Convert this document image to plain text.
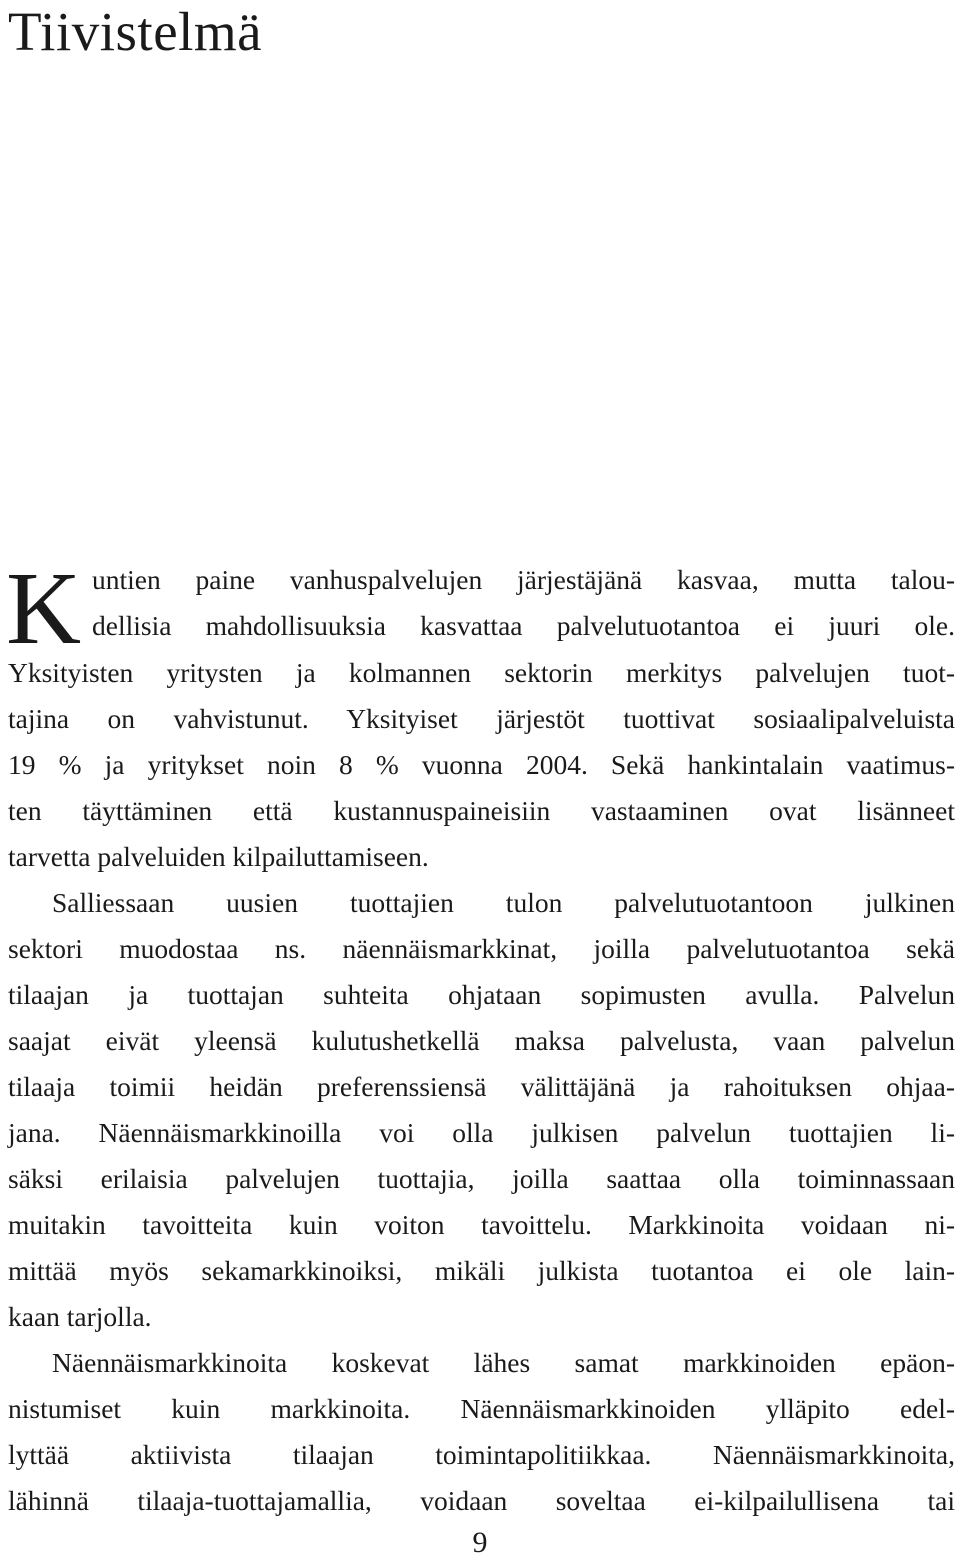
Tiivistelmä
K untien paine vanhuspalvelujen järjestäjänä kasvaa, mutta talou-
dellisia mahdollisuuksia kasvattaa palvelutuotantoa ei juuri ole.
Yksityisten yritysten ja kolmannen sektorin merkitys palvelujen tuot-
tajina on vahvistunut. Yksityiset järjestöt tuottivat sosiaalipalveluista
19 % ja yritykset noin 8 % vuonna 2004. Sekä hankintalain vaatimus-
ten täyttäminen että kustannuspaineisiin vastaaminen ovat lisänneet
tarvetta palveluiden kilpailuttamiseen.
Salliessaan uusien tuottajien tulon palvelutuotantoon julkinen
sektori muodostaa ns. näennäismarkkinat, joilla palvelutuotantoa sekä
tilaajan ja tuottajan suhteita ohjataan sopimusten avulla. Palvelun
saajat eivät yleensä kulutushetkellä maksa palvelusta, vaan palvelun
tilaaja toimii heidän preferenssiensä välittäjänä ja rahoituksen ohjaa-
jana. Näennäismarkkinoilla voi olla julkisen palvelun tuottajien li-
säksi erilaisia palvelujen tuottajia, joilla saattaa olla toiminnassaan
muitakin tavoitteita kuin voiton tavoittelu. Markkinoita voidaan ni-
mittää myös sekamarkkinoiksi, mikäli julkista tuotantoa ei ole lain-
kaan tarjolla.
Näennäismarkkinoita koskevat lähes samat markkinoiden epäon-
nistumiset kuin markkinoita. Näennäismarkkinoiden ylläpito edel-
lyttää aktiivista tilaajan toimintapolitiikkaa. Näennäismarkkinoita,
lähinnä tilaaja-tuottajamallia, voidaan soveltaa ei-kilpailullisena tai
9
